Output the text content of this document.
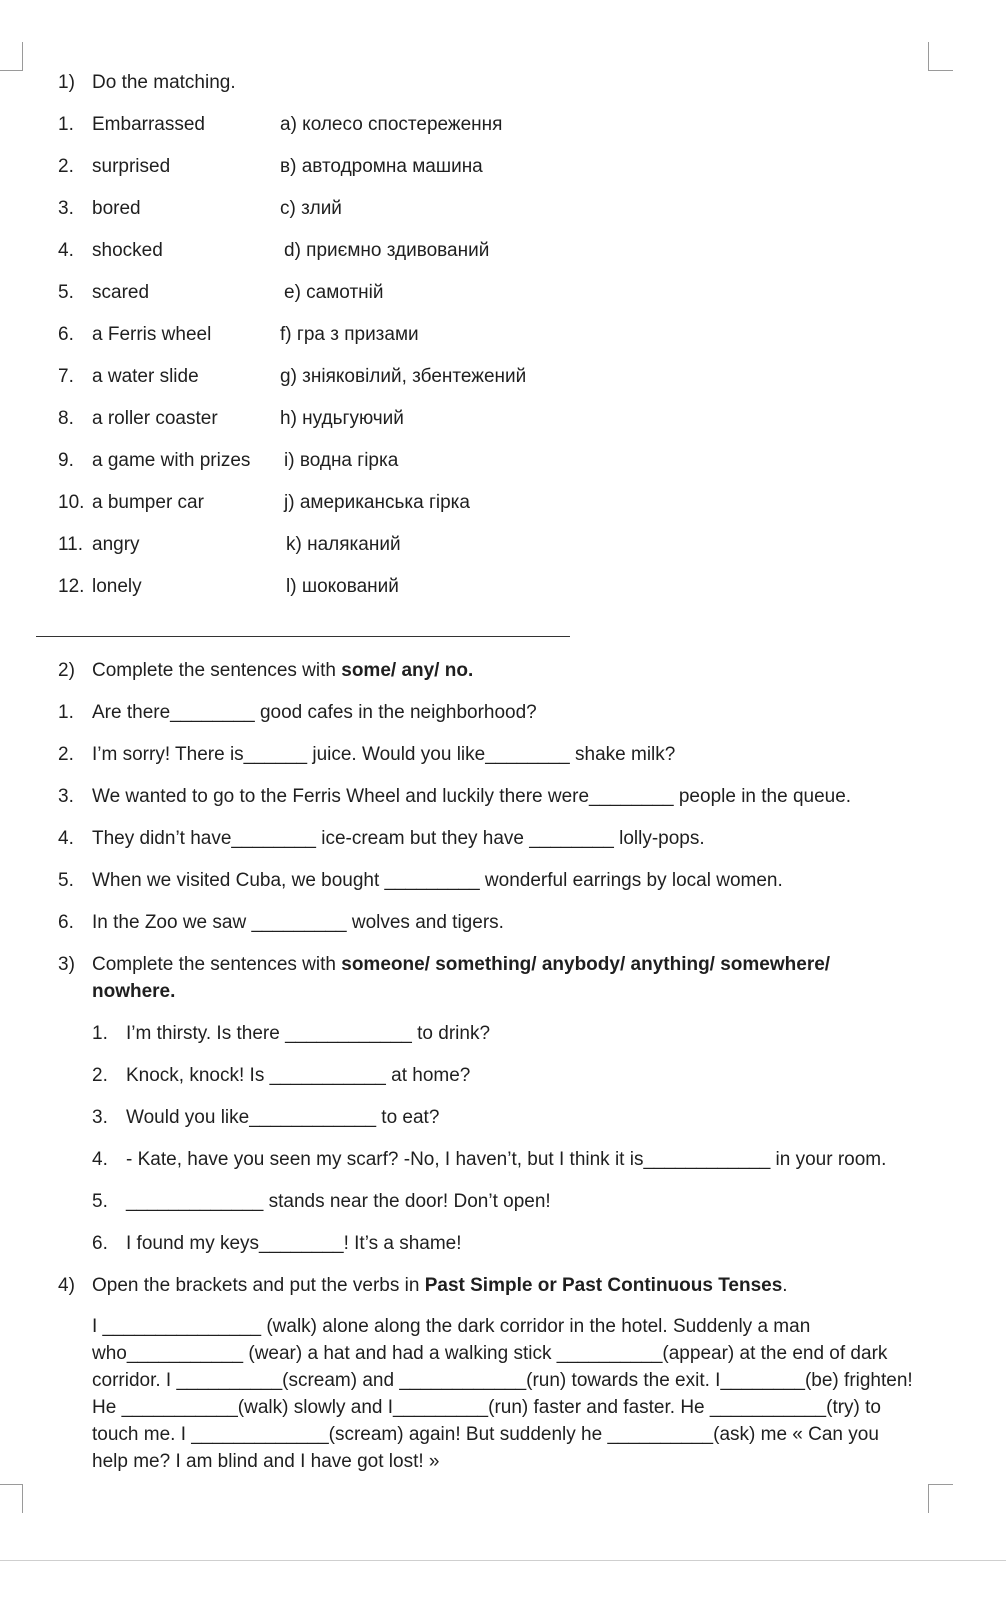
1) Do the matching.
1. Embarrassed	a) колесо спостереження
2. surprised	в) автодромна машина
3. bored	c) злий
4. shocked	d) приємно здивований
5. scared	e) самотній
6. a Ferris wheel	f) гра з призами
7. a water slide	g) зніяковілий, збентежений
8. a roller coaster	h) нудьгуючий
9. a game with prizes i) водна гірка
10. a bumper car	j) американська гірка
11. angry	k) наляканий
12. lonely	l) шокований
2) Complete the sentences with some/ any/ no.
1. Are there________ good cafes in the neighborhood?
2. I’m sorry! There is______ juice. Would you like________ shake milk?
3. We wanted to go to the Ferris Wheel and luckily there were________ people in the queue.
4. They didn’t have________ ice-cream but they have ________ lolly-pops.
5. When we visited Cuba, we bought _________ wonderful earrings by local women.
6. In the Zoo we saw _________ wolves and tigers.
3) Complete the sentences with someone/ something/ anybody/ anything/ somewhere/
nowhere.
1. I’m thirsty. Is there ____________ to drink?
2. Knock, knock! Is ___________ at home?
3. Would you like____________ to eat?
4. - Kate, have you seen my scarf? -No, I haven’t, but I think it is____________ in your room.
5. _____________ stands near the door! Don’t open!
6. I found my keys________! It’s a shame!
4) Open the brackets and put the verbs in Past Simple or Past Continuous Tenses.
I _______________ (walk) alone along the dark corridor in the hotel. Suddenly a man
who___________ (wear) a hat and had a walking stick __________(appear) at the end of dark
corridor. I __________(scream) and ____________(run) towards the exit. I________(be) frighten!
He ___________(walk) slowly and I_________(run) faster and faster. He ___________(try) to
touch me. I _____________(scream) again! But suddenly he __________(ask) me « Can you
help me? I am blind and I have got lost! »
